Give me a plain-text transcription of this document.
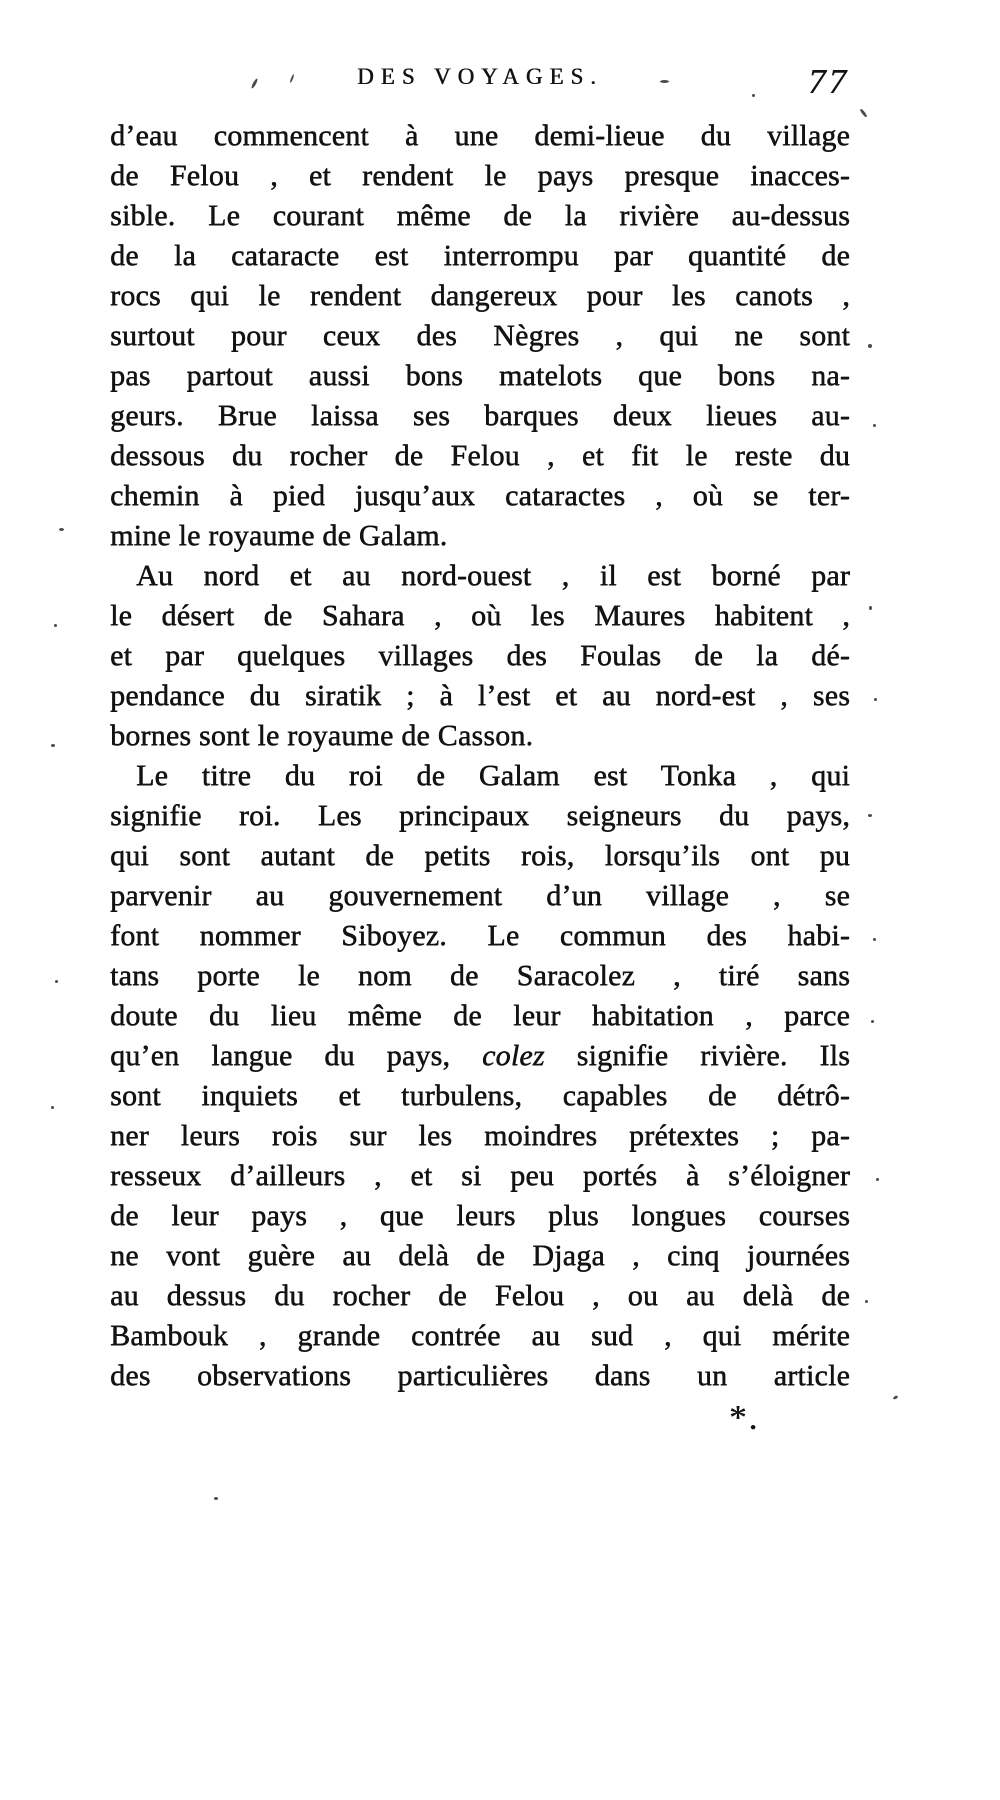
DES VOYAGES.	77
d’eau commencent à une demi-lieue du village
de Felou , et rendent le pays presque inacces-
sible. Le courant même de la rivière au-dessus
de la cataracte est interrompu par quantité de
rocs qui le rendent dangereux pour les canots ,
surtout pour ceux des Nègres , qui ne sont
pas partout aussi bons matelots que bons na-
geurs. Brue laissa ses barques deux lieues au-
dessous du rocher de Felou , et fit le reste du
chemin à pied jusqu’aux cataractes , où se ter-
mine le royaume de Galam.
Au nord et au nord-ouest , il est borné par
le désert de Sahara , où les Maures habitent ,
et par quelques villages des Foulas de la dé-
pendance du siratik ; à l’est et au nord-est , ses
bornes sont le royaume de Casson.
Le titre du roi de Galam est Tonka , qui
signifie roi. Les principaux seigneurs du pays,
qui sont autant de petits rois, lorsqu’ils ont pu
parvenir au gouvernement d’un village , se
font nommer Siboyez. Le commun des habi-
tans porte le nom de Saracolez , tiré sans
doute du lieu même de leur habitation , parce
qu’en langue du pays, colez signifie rivière. Ils
sont inquiets et turbulens, capables de détrô-
ner leurs rois sur les moindres prétextes ; pa-
resseux d’ailleurs , et si peu portés à s’éloigner
de leur pays , que leurs plus longues courses
ne vont guère au delà de Djaga , cinq journées
au dessus du rocher de Felou , ou au delà de
Bambouk , grande contrée au sud , qui mérite
des observations particulières dans un article
*.
